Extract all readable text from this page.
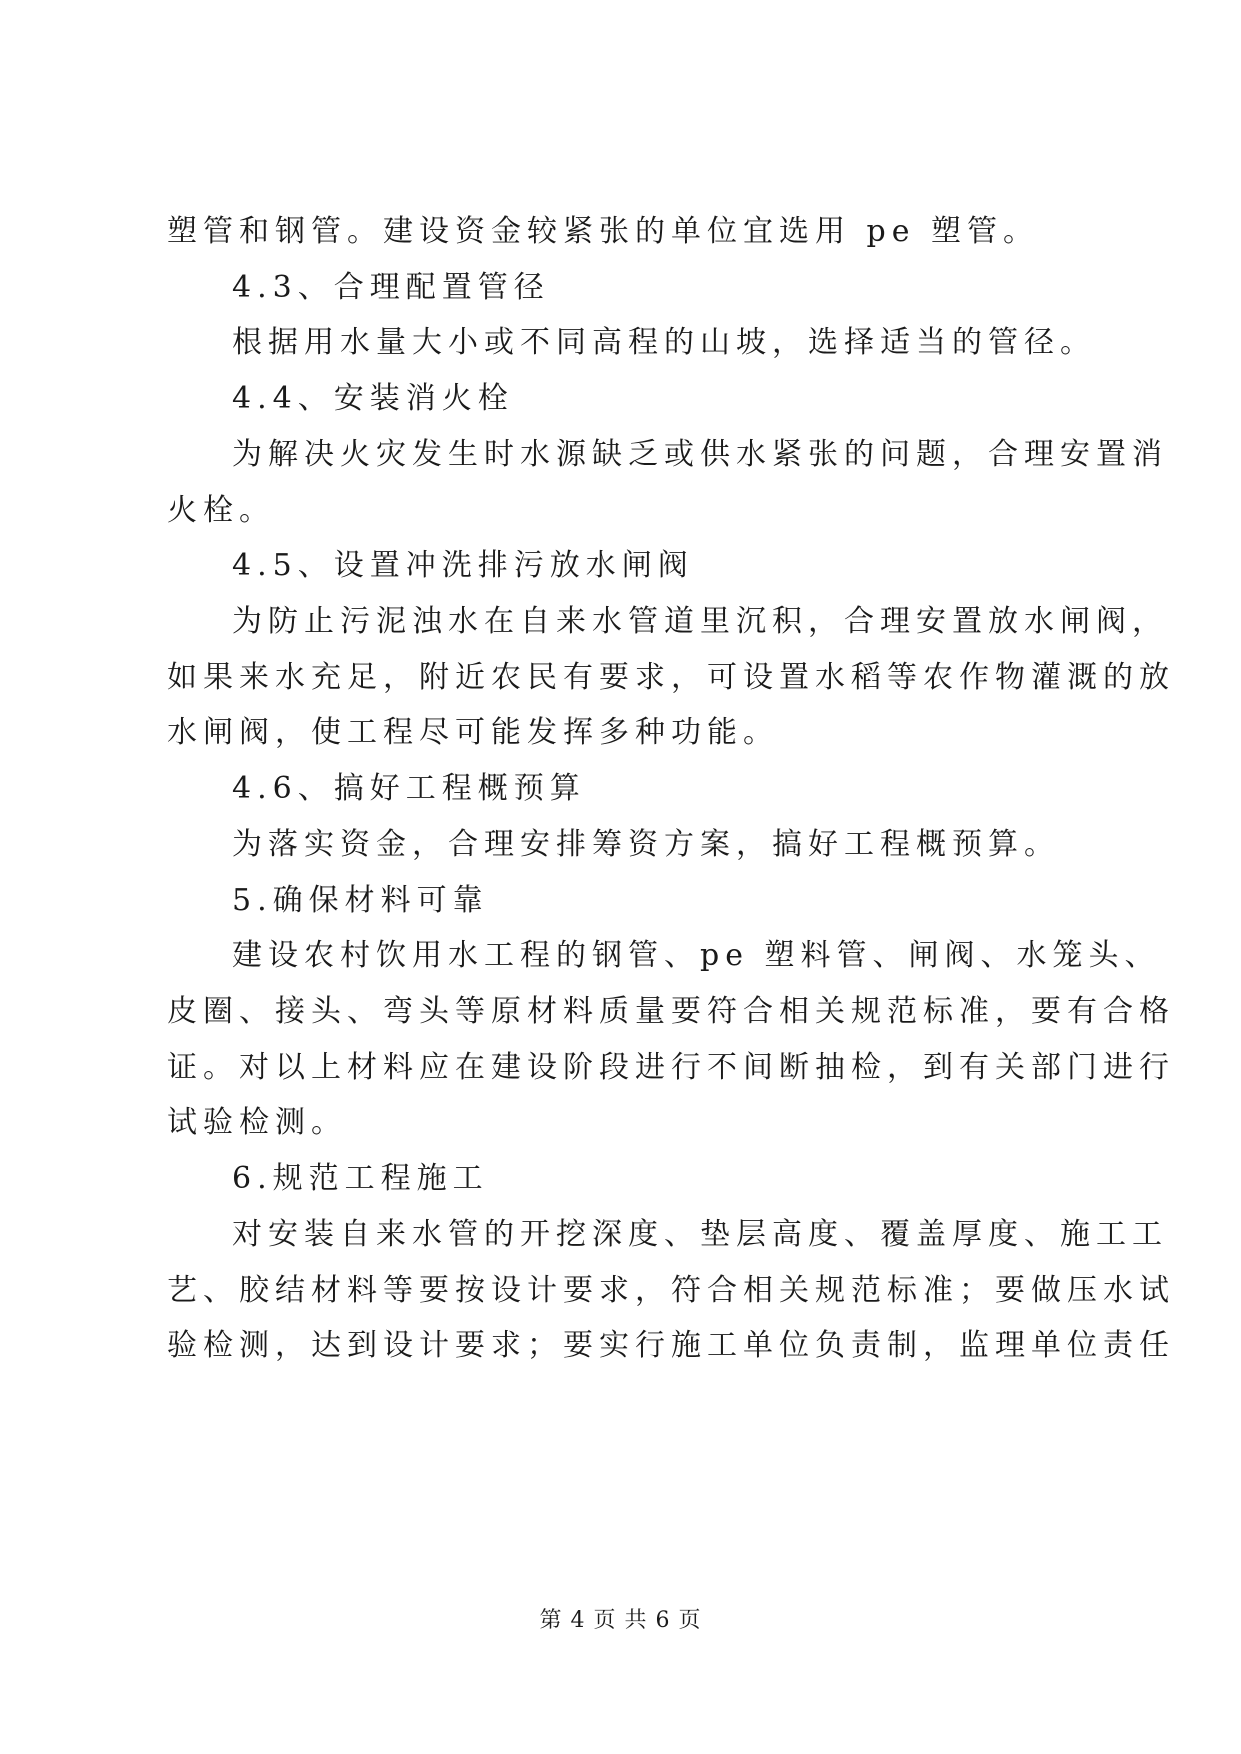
塑管和钢管。建设资金较紧张的单位宜选用 pe 塑管。
4.3、合理配置管径
根据用水量大小或不同高程的山坡，选择适当的管径。
4.4、安装消火栓
为解决火灾发生时水源缺乏或供水紧张的问题，合理安置消
火栓。
4.5、设置冲洗排污放水闸阀
为防止污泥浊水在自来水管道里沉积，合理安置放水闸阀，
如果来水充足，附近农民有要求，可设置水稻等农作物灌溉的放
水闸阀，使工程尽可能发挥多种功能。
4.6、搞好工程概预算
为落实资金，合理安排筹资方案，搞好工程概预算。
5.确保材料可靠
建设农村饮用水工程的钢管、pe 塑料管、闸阀、水笼头、
皮圈、接头、弯头等原材料质量要符合相关规范标准，要有合格
证。对以上材料应在建设阶段进行不间断抽检，到有关部门进行
试验检测。
6.规范工程施工
对安装自来水管的开挖深度、垫层高度、覆盖厚度、施工工
艺、胶结材料等要按设计要求，符合相关规范标准；要做压水试
验检测，达到设计要求；要实行施工单位负责制，监理单位责任
第 4 页 共 6 页
